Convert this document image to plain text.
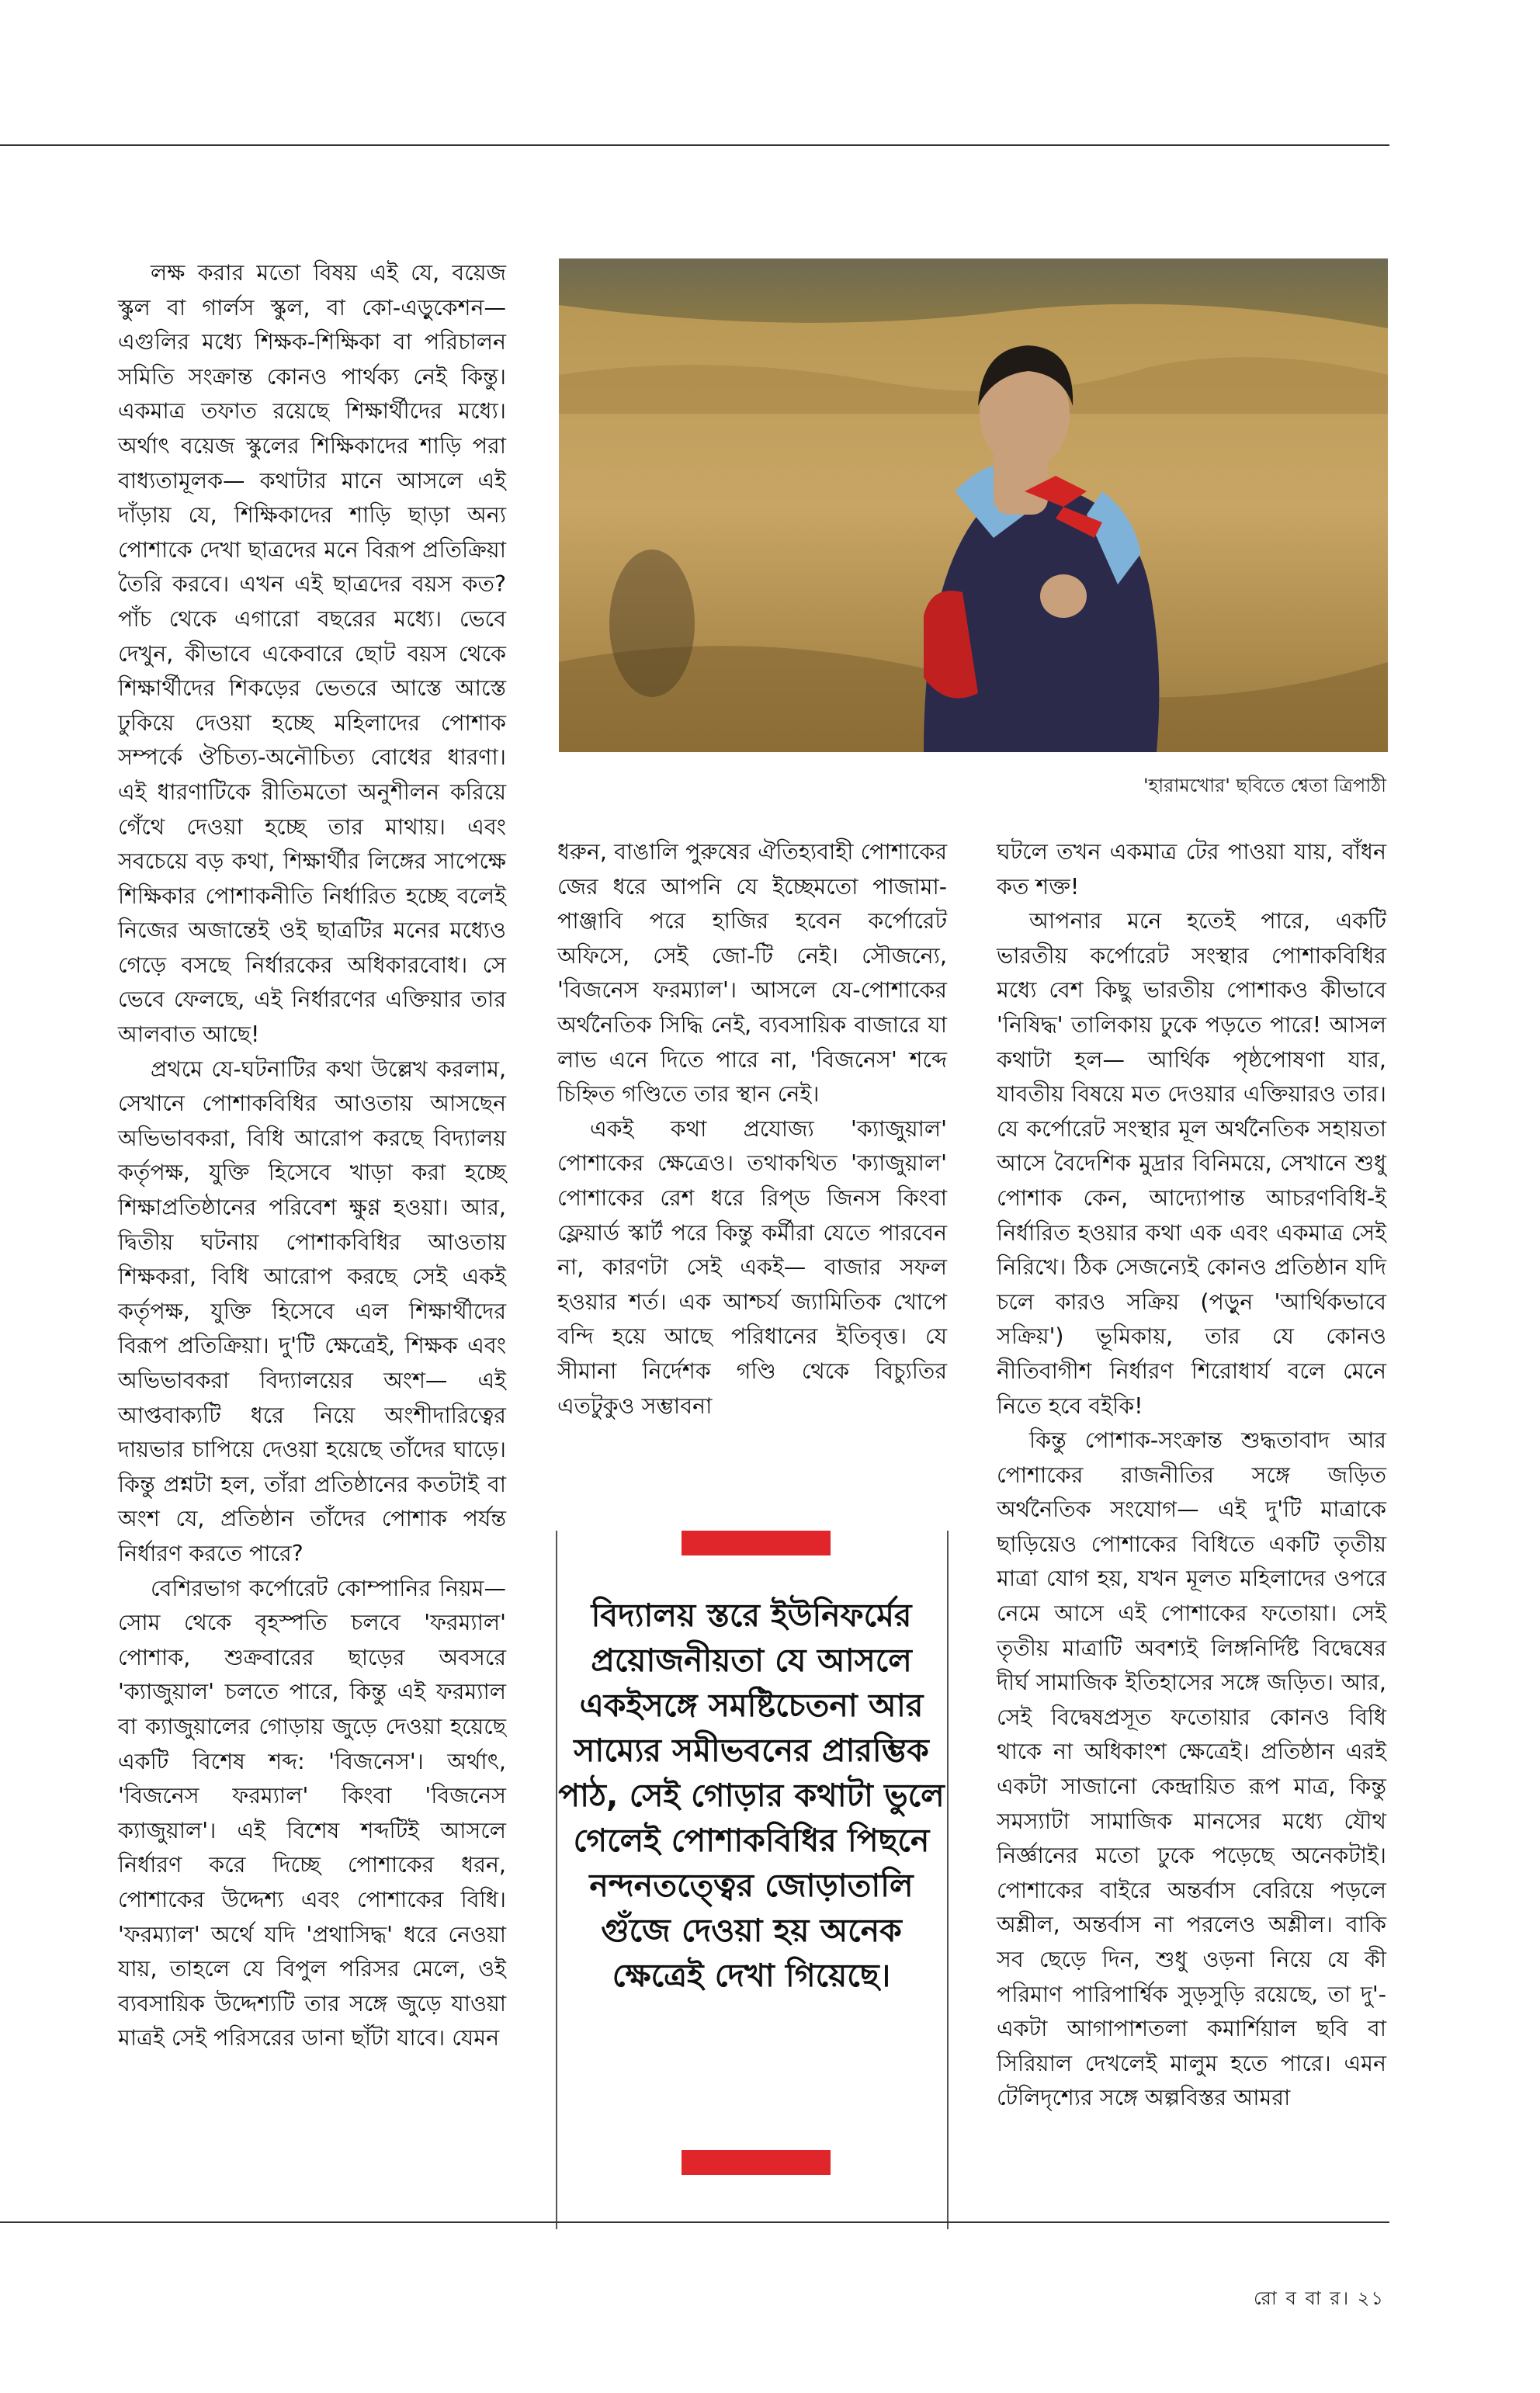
লক্ষ করার মতো বিষয় এই যে, বয়েজ স্কুল বা গার্লস স্কুল, বা কো-এড়ুকেশন— এগুলির মধ্যে শিক্ষক-শিক্ষিকা বা পরিচালন সমিতি সংক্রান্ত কোনও পার্থক্য নেই কিন্তু। একমাত্র তফাত রয়েছে শিক্ষার্থীদের মধ্যে। অর্থাৎ বয়েজ স্কুলের শিক্ষিকাদের শাড়ি পরা বাধ্যতামূলক— কথাটার মানে আসলে এই দাঁড়ায় যে, শিক্ষিকাদের শাড়ি ছাড়া অন্য পোশাকে দেখা ছাত্রদের মনে বিরূপ প্রতিক্রিয়া তৈরি করবে। এখন এই ছাত্রদের বয়স কত? পাঁচ থেকে এগারো বছরের মধ্যে। ভেবে দেখুন, কীভাবে একেবারে ছোট বয়স থেকে শিক্ষার্থীদের শিকড়ের ভেতরে আস্তে আস্তে ঢুকিয়ে দেওয়া হচ্ছে মহিলাদের পোশাক সম্পর্কে ঔচিত্য-অনৌচিত্য বোধের ধারণা। এই ধারণাটিকে রীতিমতো অনুশীলন করিয়ে গেঁথে দেওয়া হচ্ছে তার মাথায়। এবং সবচেয়ে বড় কথা, শিক্ষার্থীর লিঙ্গের সাপেক্ষে শিক্ষিকার পোশাকনীতি নির্ধারিত হচ্ছে বলেই নিজের অজান্তেই ওই ছাত্রটির মনের মধ্যেও গেড়ে বসছে নির্ধারকের অধিকারবোধ। সে ভেবে ফেলছে, এই নির্ধারণের এক্তিয়ার তার আলবাত আছে!

প্রথমে যে-ঘটনাটির কথা উল্লেখ করলাম, সেখানে পোশাকবিধির আওতায় আসছেন অভিভাবকরা, বিধি আরোপ করছে বিদ্যালয় কর্তৃপক্ষ, যুক্তি হিসেবে খাড়া করা হচ্ছে শিক্ষাপ্রতিষ্ঠানের পরিবেশ ক্ষুণ্ণ হওয়া। আর, দ্বিতীয় ঘটনায় পোশাকবিধির আওতায় শিক্ষকরা, বিধি আরোপ করছে সেই একই কর্তৃপক্ষ, যুক্তি হিসেবে এল শিক্ষার্থীদের বিরূপ প্রতিক্রিয়া। দু'টি ক্ষেত্রেই, শিক্ষক এবং অভিভাবকরা বিদ্যালয়ের অংশ— এই আপ্তবাক্যটি ধরে নিয়ে অংশীদারিত্বের দায়ভার চাপিয়ে দেওয়া হয়েছে তাঁদের ঘাড়ে। কিন্তু প্রশ্নটা হল, তাঁরা প্রতিষ্ঠানের কতটাই বা অংশ যে, প্রতিষ্ঠান তাঁদের পোশাক পর্যন্ত নির্ধারণ করতে পারে?

বেশিরভাগ কর্পোরেট কোম্পানির নিয়ম— সোম থেকে বৃহস্পতি চলবে 'ফরম্যাল' পোশাক, শুক্রবারের ছাড়ের অবসরে 'ক্যাজুয়াল' চলতে পারে, কিন্তু এই ফরম্যাল বা ক্যাজুয়ালের গোড়ায় জুড়ে দেওয়া হয়েছে একটি বিশেষ শব্দ: 'বিজনেস'। অর্থাৎ, 'বিজনেস ফরম্যাল' কিংবা 'বিজনেস ক্যাজুয়াল'। এই বিশেষ শব্দটিই আসলে নির্ধারণ করে দিচ্ছে পোশাকের ধরন, পোশাকের উদ্দেশ্য এবং পোশাকের বিধি। 'ফরম্যাল' অর্থে যদি 'প্রথাসিদ্ধ' ধরে নেওয়া যায়, তাহলে যে বিপুল পরিসর মেলে, ওই ব্যবসায়িক উদ্দেশ্যটি তার সঙ্গে জুড়ে যাওয়া মাত্রই সেই পরিসরের ডানা ছাঁটা যাবে। যেমন

'হারামখোর' ছবিতে শ্বেতা ত্রিপাঠী

ধরুন, বাঙালি পুরুষের ঐতিহ্যবাহী পোশাকের জের ধরে আপনি যে ইচ্ছেমতো পাজামা-পাঞ্জাবি পরে হাজির হবেন কর্পোরেট অফিসে, সেই জো-টি নেই। সৌজন্যে, 'বিজনেস ফরম্যাল'। আসলে যে-পোশাকের অর্থনৈতিক সিদ্ধি নেই, ব্যবসায়িক বাজারে যা লাভ এনে দিতে পারে না, 'বিজনেস' শব্দে চিহ্নিত গণ্ডিতে তার স্থান নেই।

একই কথা প্রযোজ্য 'ক্যাজুয়াল' পোশাকের ক্ষেত্রেও। তথাকথিত 'ক্যাজুয়াল' পোশাকের রেশ ধরে রিপ্‌ড জিনস কিংবা ফ্লেয়ার্ড স্কার্ট পরে কিন্তু কর্মীরা যেতে পারবেন না, কারণটা সেই একই— বাজার সফল হওয়ার শর্ত। এক আশ্চর্য জ্যামিতিক খোপে বন্দি হয়ে আছে পরিধানের ইতিবৃত্ত। যে সীমানা নির্দেশক গণ্ডি থেকে বিচ্যুতির এতটুকুও সম্ভাবনা

ঘটলে তখন একমাত্র টের পাওয়া যায়, বাঁধন কত শক্ত!

আপনার মনে হতেই পারে, একটি ভারতীয় কর্পোরেট সংস্থার পোশাকবিধির মধ্যে বেশ কিছু ভারতীয় পোশাকও কীভাবে 'নিষিদ্ধ' তালিকায় ঢুকে পড়তে পারে! আসল কথাটা হল— আর্থিক পৃষ্ঠপোষণা যার, যাবতীয় বিষয়ে মত দেওয়ার এক্তিয়ারও তার। যে কর্পোরেট সংস্থার মূল অর্থনৈতিক সহায়তা আসে বৈদেশিক মুদ্রার বিনিময়ে, সেখানে শুধু পোশাক কেন, আদ্যোপান্ত আচরণবিধি-ই নির্ধারিত হওয়ার কথা এক এবং একমাত্র সেই নিরিখে। ঠিক সেজন্যেই কোনও প্রতিষ্ঠান যদি চলে কারও সক্রিয় (পড়ুন 'আর্থিকভাবে সক্রিয়') ভূমিকায়, তার যে কোনও নীতিবাগীশ নির্ধারণ শিরোধার্য বলে মেনে নিতে হবে বইকি!

কিন্তু পোশাক-সংক্রান্ত শুদ্ধতাবাদ আর পোশাকের রাজনীতির সঙ্গে জড়িত অর্থনৈতিক সংযোগ— এই দু'টি মাত্রাকে ছাড়িয়েও পোশাকের বিধিতে একটি তৃতীয় মাত্রা যোগ হয়, যখন মূলত মহিলাদের ওপরে নেমে আসে এই পোশাকের ফতোয়া। সেই তৃতীয় মাত্রাটি অবশ্যই লিঙ্গনির্দিষ্ট বিদ্বেষের দীর্ঘ সামাজিক ইতিহাসের সঙ্গে জড়িত। আর, সেই বিদ্বেষপ্রসূত ফতোয়ার কোনও বিধি থাকে না অধিকাংশ ক্ষেত্রেই। প্রতিষ্ঠান এরই একটা সাজানো কেন্দ্রায়িত রূপ মাত্র, কিন্তু সমস্যাটা সামাজিক মানসের মধ্যে যৌথ নির্জ্ঞানের মতো ঢুকে পড়েছে অনেকটাই। পোশাকের বাইরে অন্তর্বাস বেরিয়ে পড়লে অশ্লীল, অন্তর্বাস না পরলেও অশ্লীল। বাকি সব ছেড়ে দিন, শুধু ওড়না নিয়ে যে কী পরিমাণ পারিপার্শ্বিক সুড়সুড়ি রয়েছে, তা দু'-একটা আগাপাশতলা কমার্শিয়াল ছবি বা সিরিয়াল দেখলেই মালুম হতে পারে। এমন টেলিদৃশ্যের সঙ্গে অল্পবিস্তর আমরা

বিদ্যালয় স্তরে ইউনিফর্মের প্রয়োজনীয়তা যে আসলে একইসঙ্গে সমষ্টিচেতনা আর সাম্যের সমীভবনের প্রারম্ভিক পাঠ, সেই গোড়ার কথাটা ভুলে গেলেই পোশাকবিধির পিছনে নন্দনতত্ত্বের জোড়াতালি গুঁজে দেওয়া হয় অনেক ক্ষেত্রেই দেখা গিয়েছে।
রো ব বা র। ২১
